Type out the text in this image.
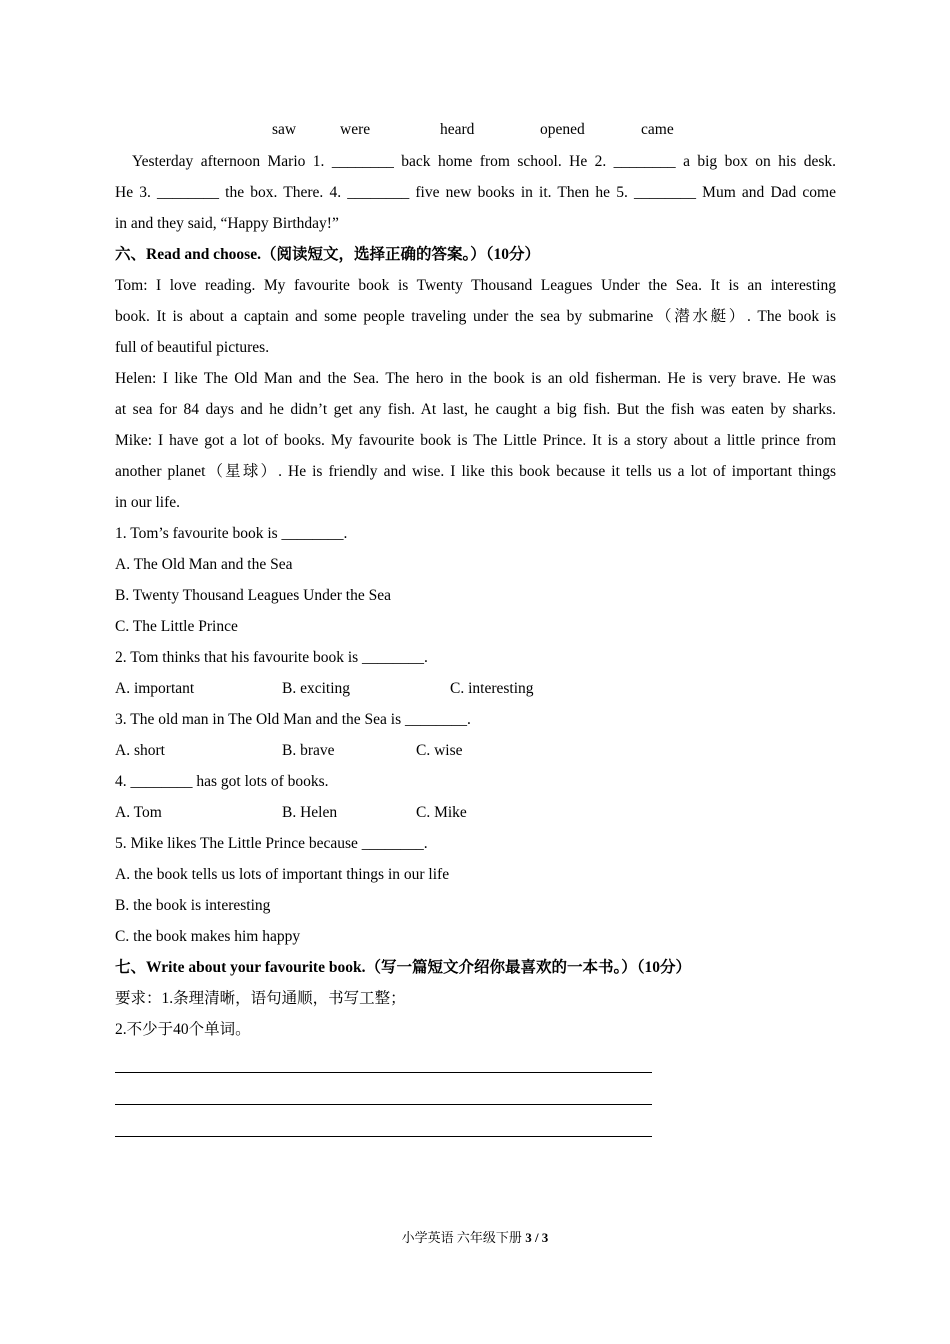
saw	were	heard	opened	came
Yesterday afternoon Mario 1. ________ back home from school. He 2. ________ a big box on his desk.
He 3. ________ the box. There. 4. ________ five new books in it. Then he 5. ________ Mum and Dad come
in and they said, “Happy Birthday!”
六、Read and choose.（阅读短文，选择正确的答案。）（10分）
Tom: I love reading. My favourite book is Twenty Thousand Leagues Under the Sea. It is an interesting
book. It is about a captain and some people traveling under the sea by submarine（潜水艇）. The book is
full of beautiful pictures.
Helen: I like The Old Man and the Sea. The hero in the book is an old fisherman. He is very brave. He was
at sea for 84 days and he didn’t get any fish. At last, he caught a big fish. But the fish was eaten by sharks.
Mike: I have got a lot of books. My favourite book is The Little Prince. It is a story about a little prince from
another planet（星球）. He is friendly and wise. I like this book because it tells us a lot of important things
in our life.
1. Tom’s favourite book is ________.
A. The Old Man and the Sea
B. Twenty Thousand Leagues Under the Sea
C. The Little Prince
2. Tom thinks that his favourite book is ________.
A. important	B. exciting	C. interesting
3. The old man in The Old Man and the Sea is ________.
A. short	B. brave	C. wise
4. ________ has got lots of books.
A. Tom	B. Helen	C. Mike
5. Mike likes The Little Prince because ________.
A. the book tells us lots of important things in our life
B. the book is interesting
C. the book makes him happy
七、Write about your favourite book.（写一篇短文介绍你最喜欢的一本书。）（10分）
要求：1.条理清晰，语句通顺，书写工整；
2.不少于40个单词。
小学英语 六年级下册 3 / 3
